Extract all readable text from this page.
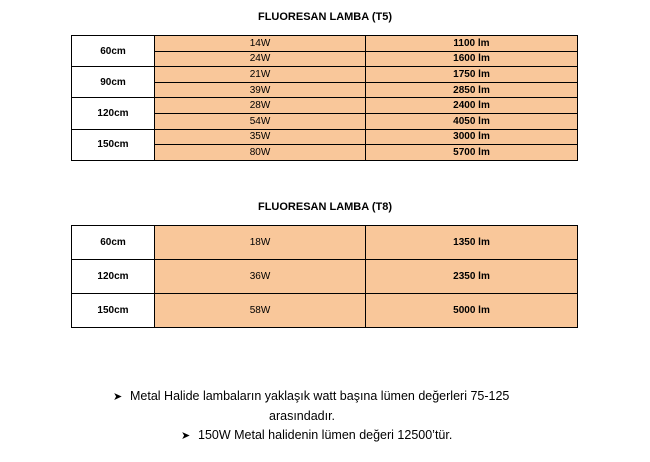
FLUORESAN LAMBA (T5)
60cm	14W	1100 lm
	24W	1600 lm
90cm	21W	1750 lm
	39W	2850 lm
120cm	28W	2400 lm
	54W	4050 lm
150cm	35W	3000 lm
	80W	5700 lm
FLUORESAN LAMBA (T8)
60cm	18W	1350 lm
120cm	36W	2350 lm
150cm	58W	5000 lm
➤ Metal Halide lambaların yaklaşık watt başına lümen değerleri 75-125
arasındadır.
➤ 150W Metal halidenin lümen değeri 12500’tür.
